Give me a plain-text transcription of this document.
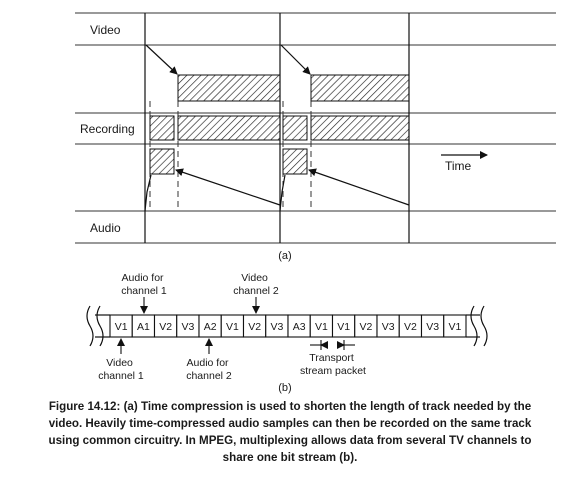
Video
Recording
Audio
Time
(a)
V1 A1 V2 V3 A2 V1 V2 V3 A3 V1 V1 V2 V3 V2 V3 V1
Audio for channel 1
Video channel 2
Video channel 1
Audio for channel 2
Transport stream packet
(b)
Figure 14.12: (a) Time compression is used to shorten the length of track needed by the video. Heavily time-compressed audio samples can then be recorded on the same track using common circuitry. In MPEG, multiplexing allows data from several TV channels to share one bit stream (b).
